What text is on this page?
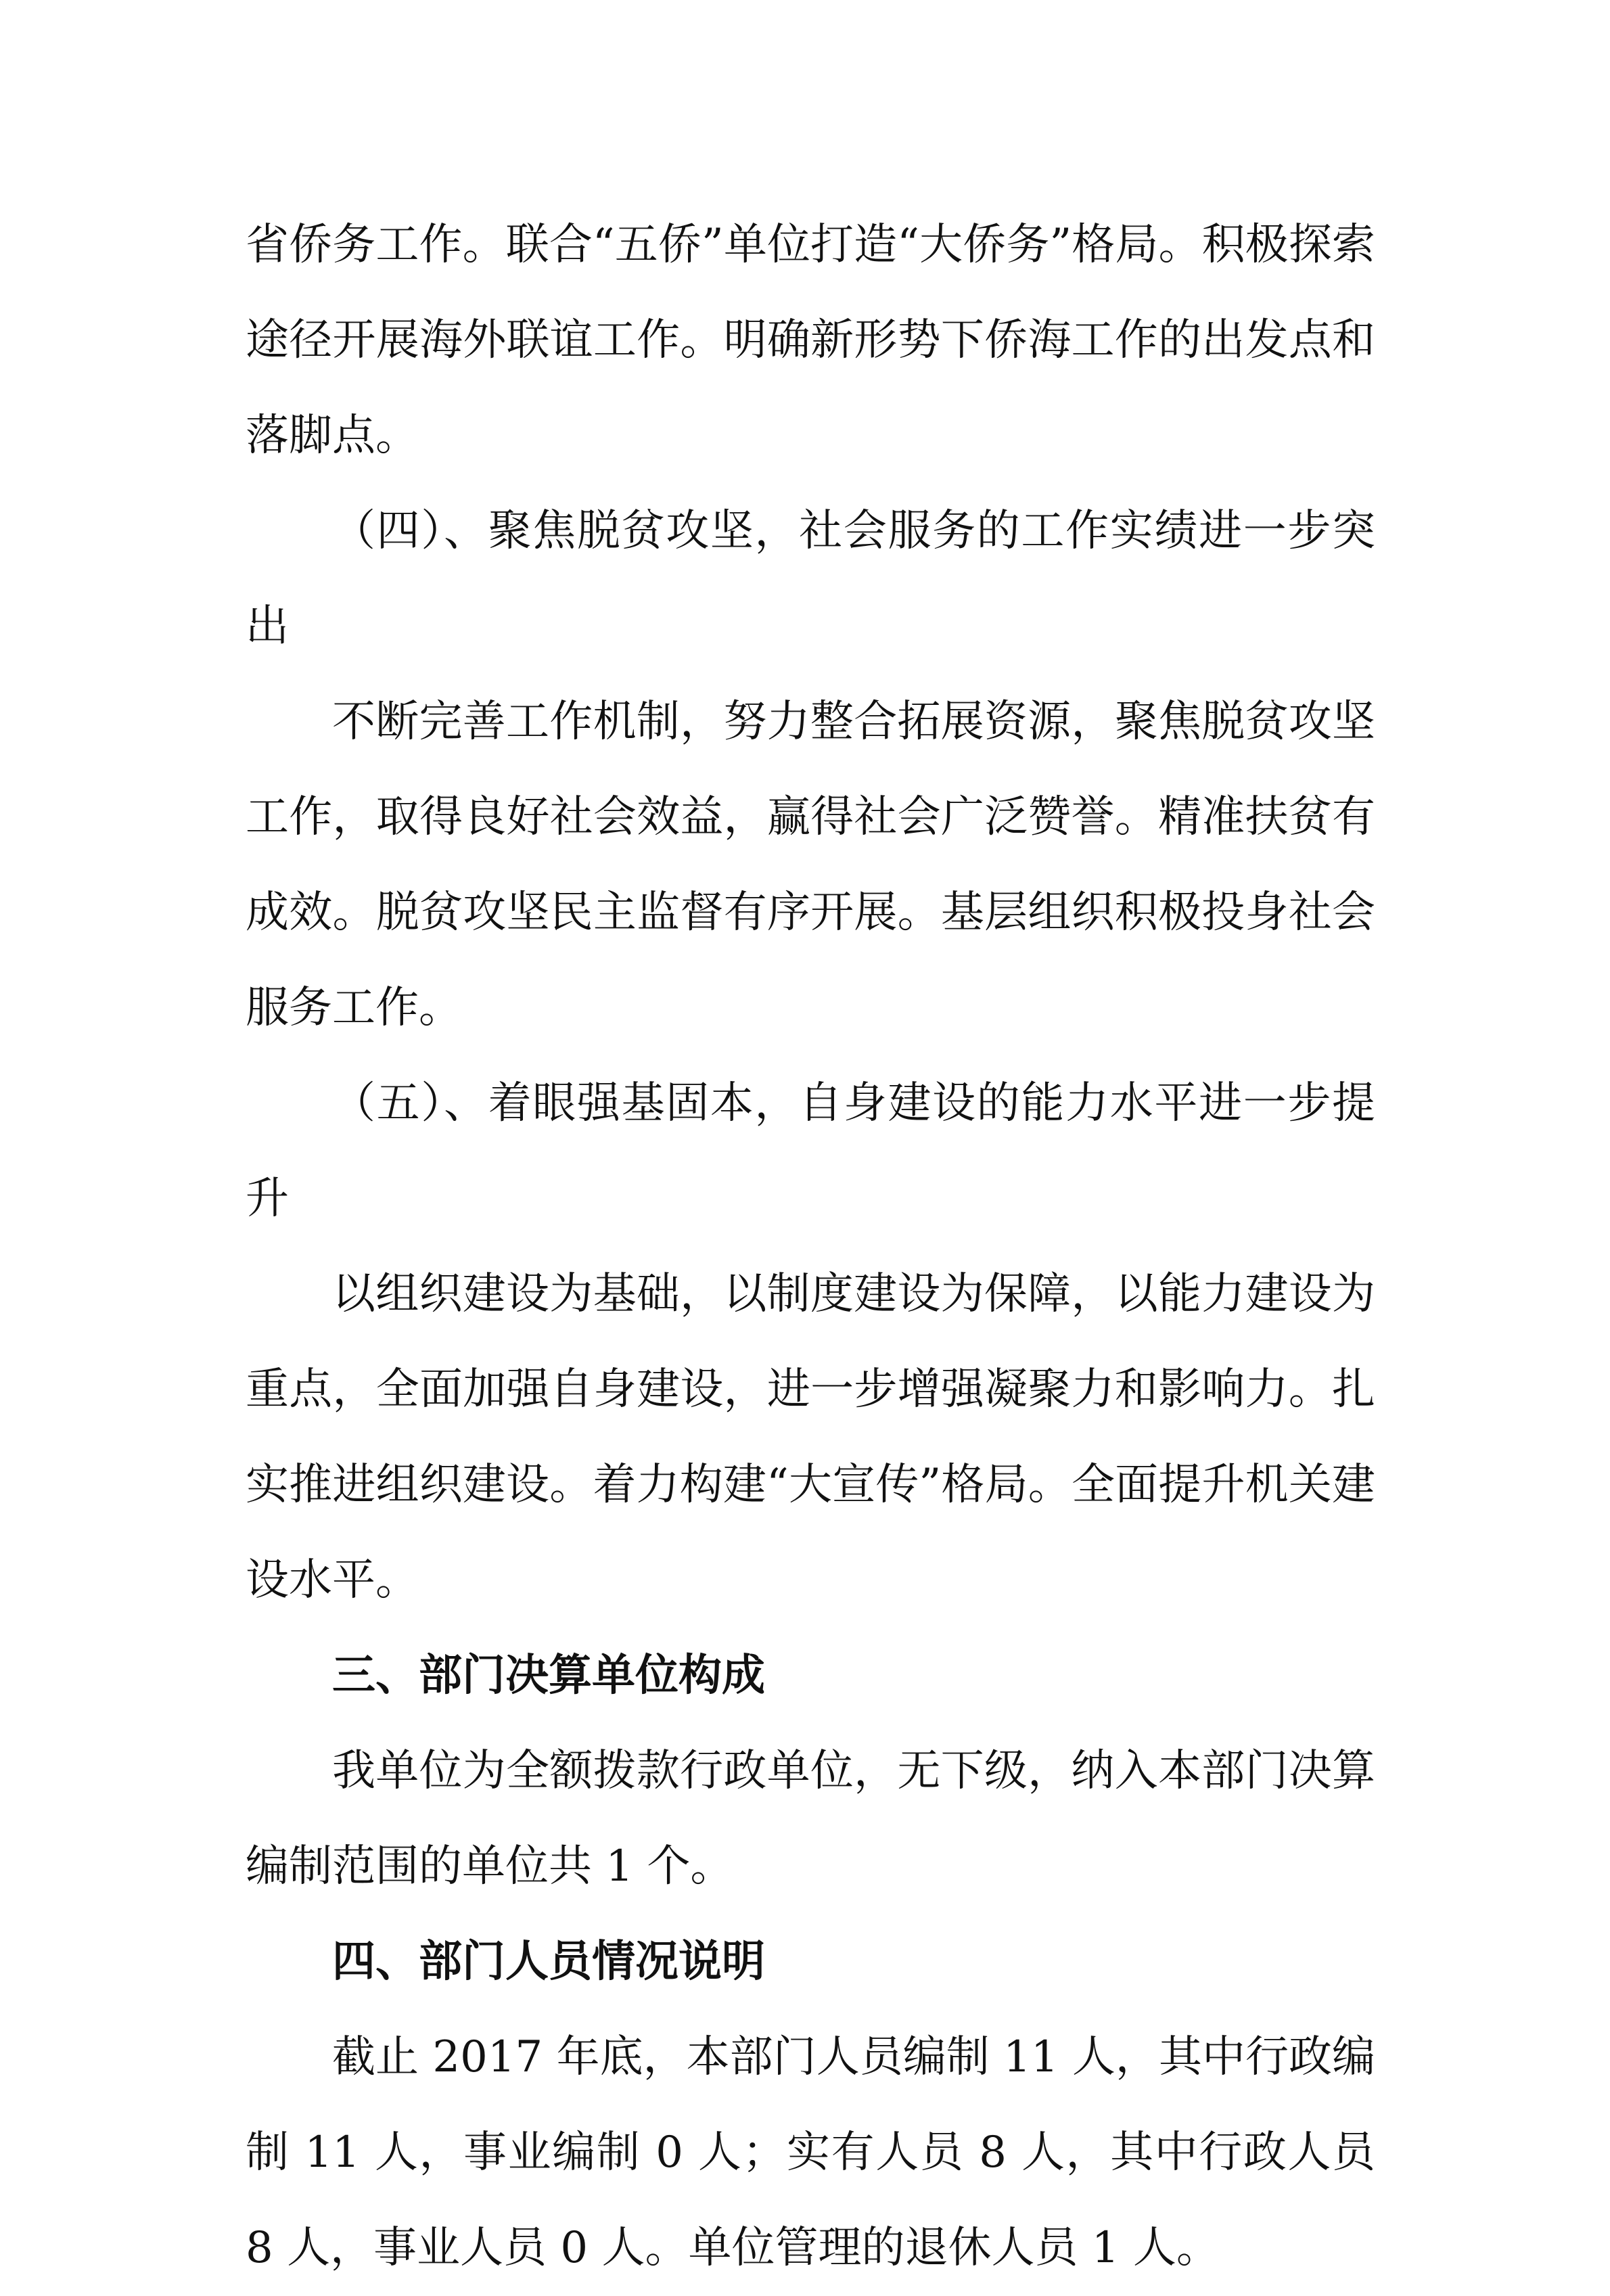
省侨务工作。联合“五侨”单位打造“大侨务”格局。积极探索途径开展海外联谊工作。明确新形势下侨海工作的出发点和落脚点。

（四）、聚焦脱贫攻坚，社会服务的工作实绩进一步突出

不断完善工作机制，努力整合拓展资源，聚焦脱贫攻坚工作，取得良好社会效益，赢得社会广泛赞誉。精准扶贫有成效。脱贫攻坚民主监督有序开展。基层组织积极投身社会服务工作。

（五）、着眼强基固本，自身建设的能力水平进一步提升

以组织建设为基础，以制度建设为保障，以能力建设为重点，全面加强自身建设，进一步增强凝聚力和影响力。扎实推进组织建设。着力构建“大宣传”格局。全面提升机关建设水平。

三、部门决算单位构成

我单位为全额拨款行政单位，无下级，纳入本部门决算编制范围的单位共 1 个。

四、部门人员情况说明

截止 2017 年底，本部门人员编制 11 人，其中行政编制 11 人，事业编制 0 人；实有人员 8 人，其中行政人员 8 人，事业人员 0 人。单位管理的退休人员 1 人。
